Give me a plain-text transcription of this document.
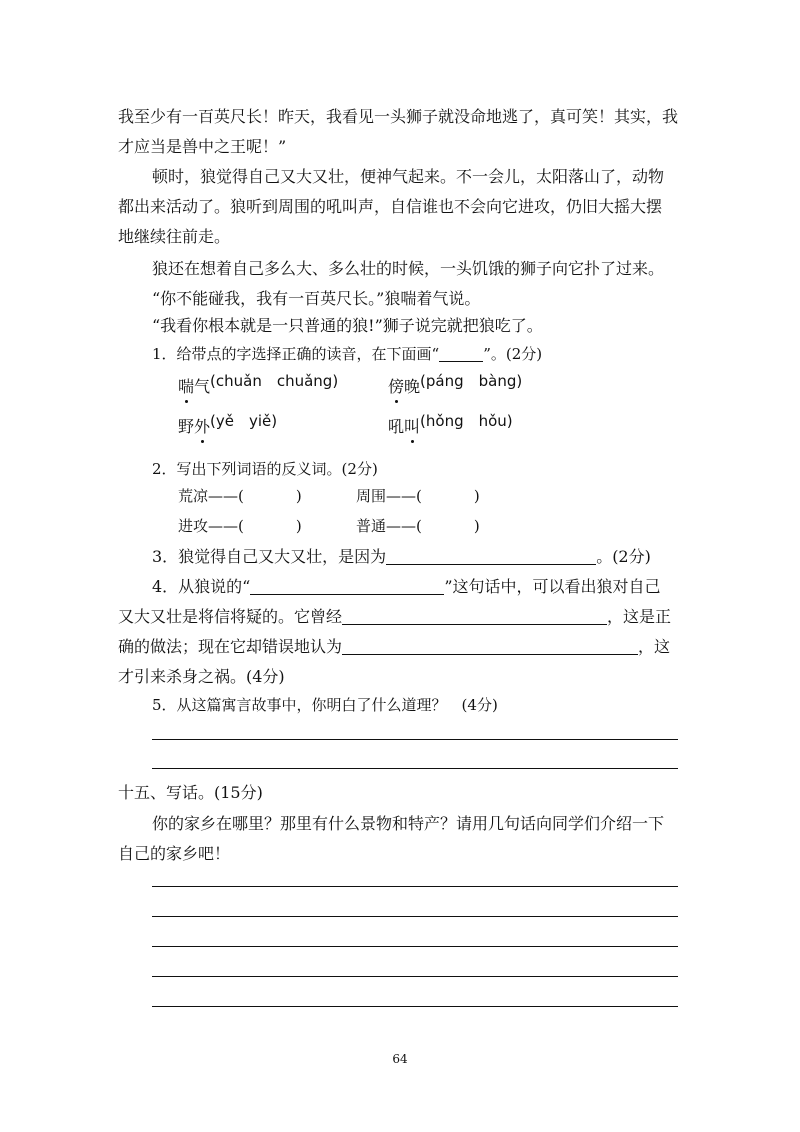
我至少有一百英尺长！昨天，我看见一头狮子就没命地逃了，真可笑！其实，我
才应当是兽中之王呢！”
顿时，狼觉得自己又大又壮，便神气起来。不一会儿，太阳落山了，动物
都出来活动了。狼听到周围的吼叫声，自信谁也不会向它进攻，仍旧大摇大摆
地继续往前走。
狼还在想着自己多么大、多么壮的时候，一头饥饿的狮子向它扑了过来。
“你不能碰我，我有一百英尺长。”狼喘着气说。
“我看你根本就是一只普通的狼!”狮子说完就把狼吃了。
1．给带点的字选择正确的读音，在下面画“	”。(2分)
喘气(chuǎn　chuǎng)	傍晚(páng　bàng)
野外(yě　yiě)	吼叫(hǒng　hǒu)
2．写出下列词语的反义词。(2分)
荒凉——(	)	周围——(	)
进攻——(	)	普通——(	)
3．狼觉得自己又大又壮，是因为	。(2分)
4．从狼说的“	”这句话中，可以看出狼对自己
又大又壮是将信将疑的。它曾经	，这是正
确的做法；现在它却错误地认为	，这
才引来杀身之祸。(4分)
5．从这篇寓言故事中，你明白了什么道理？　(4分)
十五、写话。(15分)
你的家乡在哪里？那里有什么景物和特产？请用几句话向同学们介绍一下
自己的家乡吧！
64
